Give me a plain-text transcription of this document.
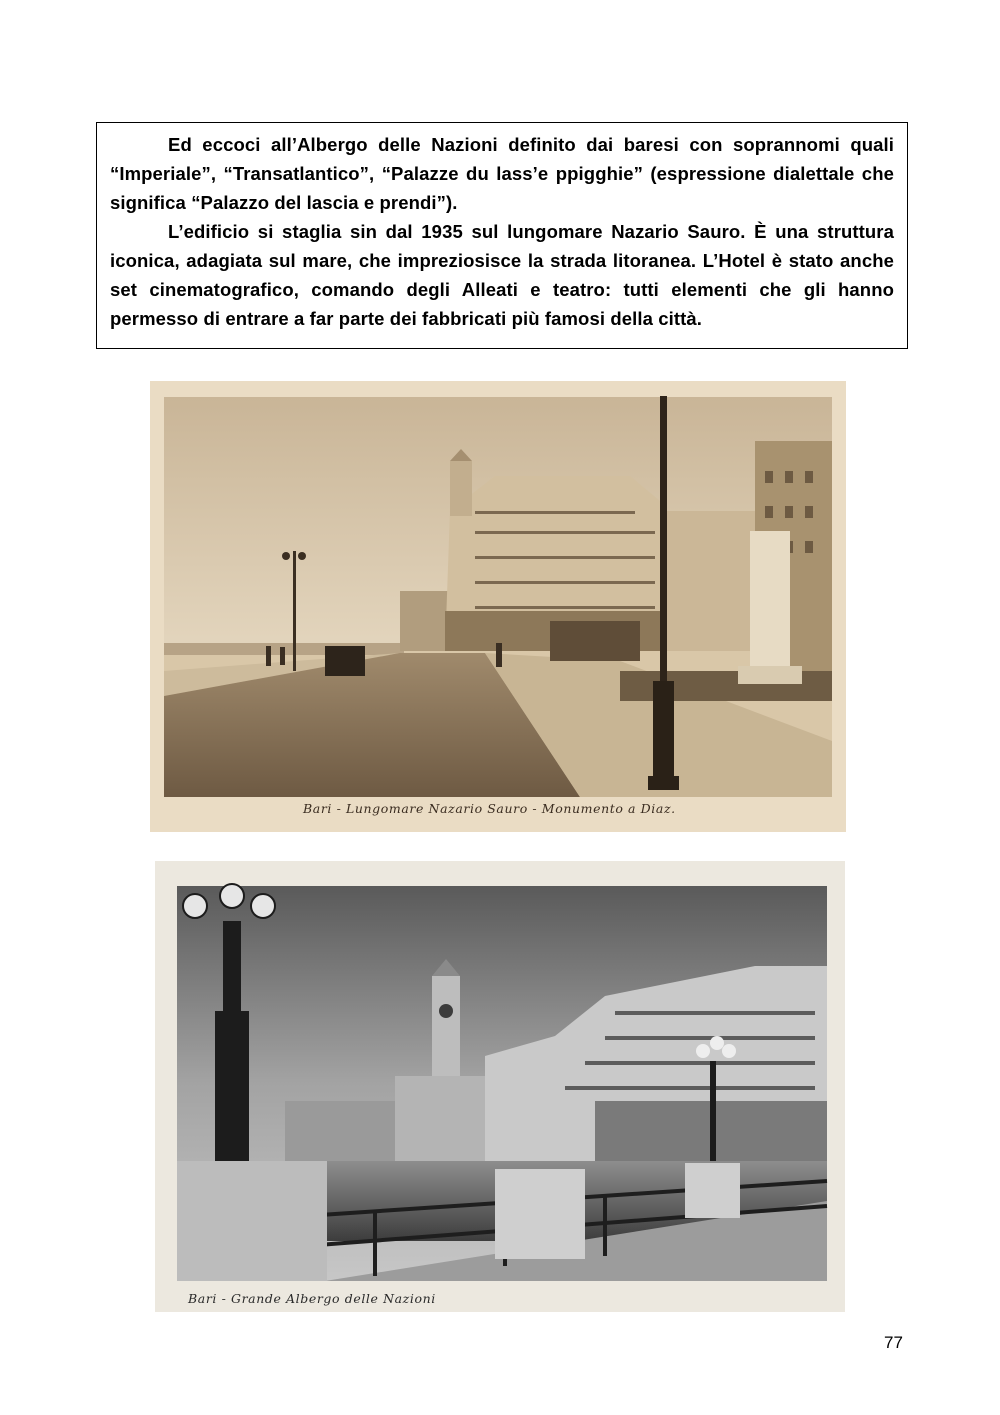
Ed eccoci all’Albergo delle Nazioni definito dai baresi con soprannomi quali “Imperiale”, “Transatlantico”, “Palazze du lass’e ppigghie” (espressione dialettale che significa “Palazzo del lascia e prendi”).

L’edificio si staglia sin dal 1935 sul lungomare Nazario Sauro. È una struttura iconica, adagiata sul mare, che impreziosisce la strada litoranea. L’Hotel è stato anche set cinematografico, comando degli Alleati e teatro: tutti elementi che gli hanno permesso di entrare a far parte dei fabbricati più famosi della città.

Bari - Lungomare Nazario Sauro - Monumento a Diaz.
Bari - Grande Albergo delle Nazioni
77
